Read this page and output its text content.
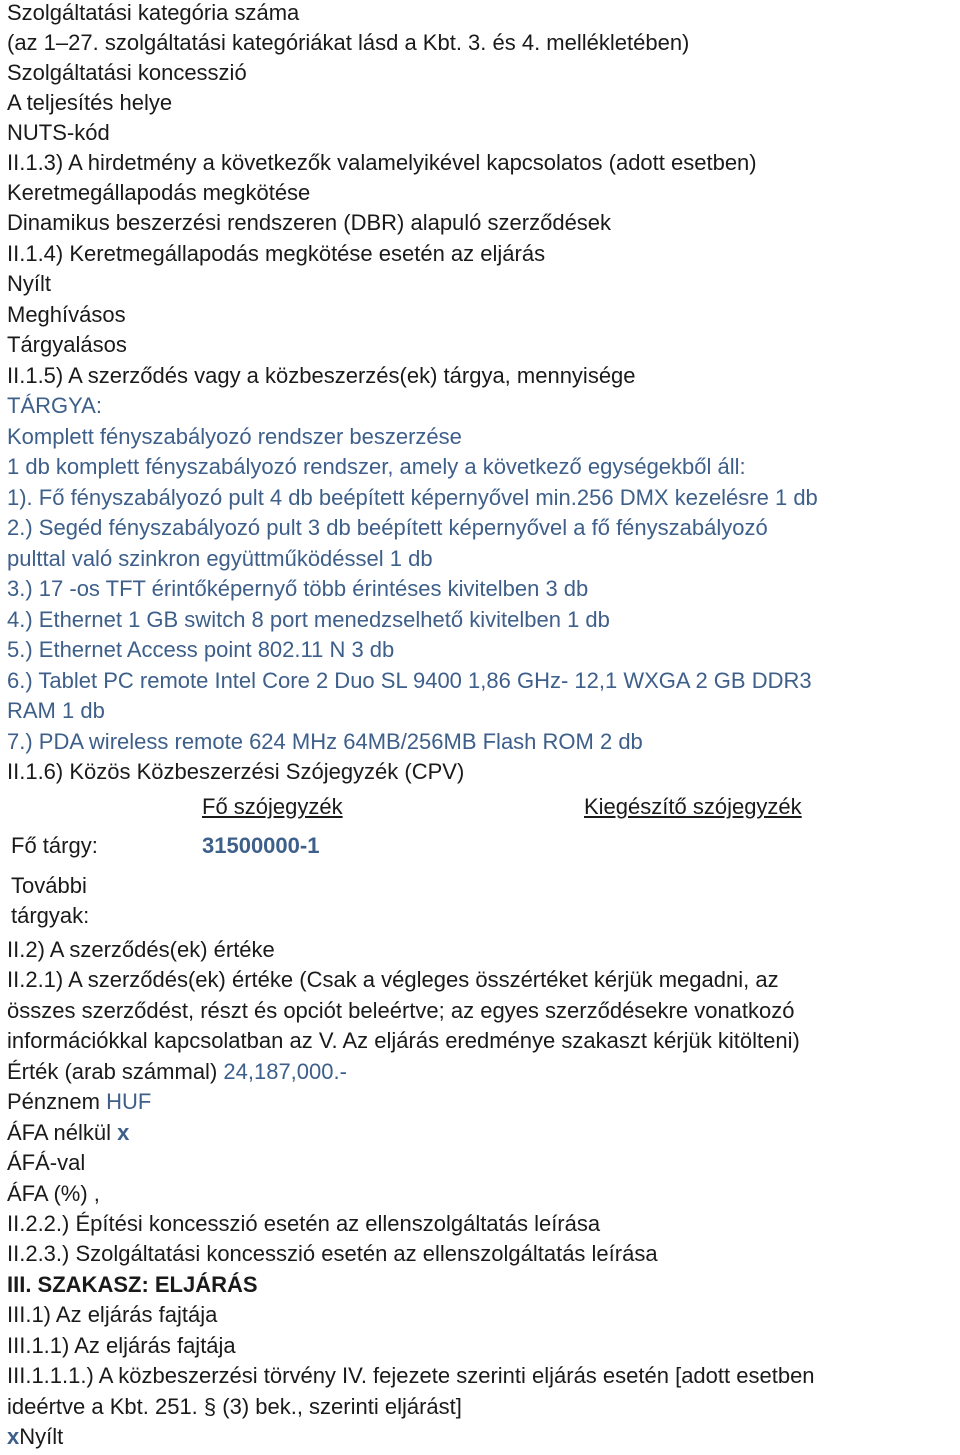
Szolgáltatási kategória száma
(az 1–27. szolgáltatási kategóriákat lásd a Kbt. 3. és 4. mellékletében)
Szolgáltatási koncesszió
A teljesítés helye
NUTS-kód
II.1.3) A hirdetmény a következők valamelyikével kapcsolatos (adott esetben)
Keretmegállapodás megkötése
Dinamikus beszerzési rendszeren (DBR) alapuló szerződések
II.1.4) Keretmegállapodás megkötése esetén az eljárás
Nyílt
Meghívásos
Tárgyalásos
II.1.5) A szerződés vagy a közbeszerzés(ek) tárgya, mennyisége
TÁRGYA:
Komplett fényszabályozó rendszer beszerzése
1 db komplett fényszabályozó rendszer, amely a következő egységekből áll:
1). Fő fényszabályozó pult 4 db beépített képernyővel min.256 DMX kezelésre 1 db
2.) Segéd fényszabályozó pult 3 db beépített képernyővel a fő fényszabályozó
pulttal való szinkron együttműködéssel 1 db
3.) 17 -os TFT érintőképernyő több érintéses kivitelben 3 db
4.) Ethernet 1 GB switch 8 port menedzselhető kivitelben 1 db
5.) Ethernet Access point 802.11 N 3 db
6.) Tablet PC remote Intel Core 2 Duo SL 9400 1,86 GHz- 12,1 WXGA 2 GB DDR3
RAM 1 db
7.) PDA wireless remote 624 MHz 64MB/256MB Flash ROM 2 db
II.1.6) Közös Közbeszerzési Szójegyzék (CPV)
Fő szójegyzék	Kiegészítő szójegyzék
Fő tárgy:	31500000-1
További
tárgyak:
II.2) A szerződés(ek) értéke
II.2.1) A szerződés(ek) értéke (Csak a végleges összértéket kérjük megadni, az
összes szerződést, részt és opciót beleértve; az egyes szerződésekre vonatkozó
információkkal kapcsolatban az V. Az eljárás eredménye szakaszt kérjük kitölteni)
Érték (arab számmal) 24,187,000.-
Pénznem HUF
ÁFA nélkül x
ÁFÁ-val
ÁFA (%) ,
II.2.2.) Építési koncesszió esetén az ellenszolgáltatás leírása
II.2.3.) Szolgáltatási koncesszió esetén az ellenszolgáltatás leírása
III. SZAKASZ: ELJÁRÁS
III.1) Az eljárás fajtája
III.1.1) Az eljárás fajtája
III.1.1.1.) A közbeszerzési törvény IV. fejezete szerinti eljárás esetén [adott esetben
ideértve a Kbt. 251. § (3) bek., szerinti eljárást]
xNyílt
